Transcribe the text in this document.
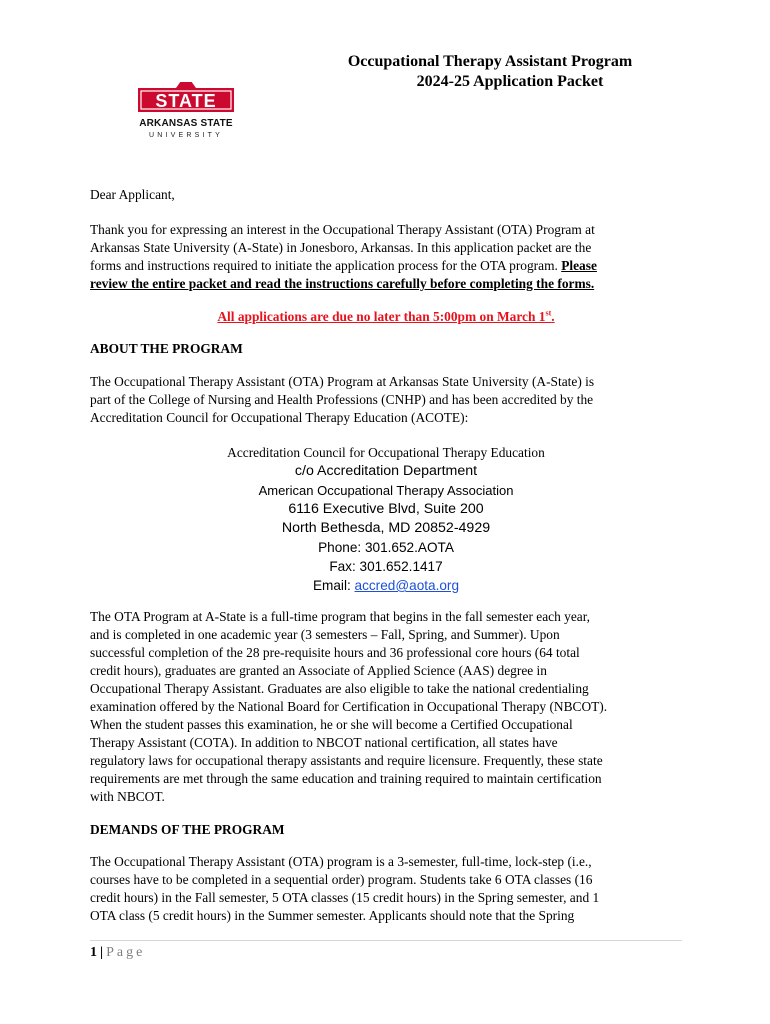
STATE
ARKANSAS STATE
UNIVERSITY
Occupational Therapy Assistant Program
2024-25 Application Packet
Dear Applicant,
Thank you for expressing an interest in the Occupational Therapy Assistant (OTA) Program at
Arkansas State University (A-State) in Jonesboro, Arkansas. In this application packet are the
forms and instructions required to initiate the application process for the OTA program. Please
review the entire packet and read the instructions carefully before completing the forms.
All applications are due no later than 5:00pm on March 1st.
ABOUT THE PROGRAM
The Occupational Therapy Assistant (OTA) Program at Arkansas State University (A-State) is
part of the College of Nursing and Health Professions (CNHP) and has been accredited by the
Accreditation Council for Occupational Therapy Education (ACOTE):
Accreditation Council for Occupational Therapy Education
c/o Accreditation Department
American Occupational Therapy Association
6116 Executive Blvd, Suite 200
North Bethesda, MD 20852-4929
Phone: 301.652.AOTA
Fax: 301.652.1417
Email: accred@aota.org
The OTA Program at A-State is a full-time program that begins in the fall semester each year,
and is completed in one academic year (3 semesters – Fall, Spring, and Summer). Upon
successful completion of the 28 pre-requisite hours and 36 professional core hours (64 total
credit hours), graduates are granted an Associate of Applied Science (AAS) degree in
Occupational Therapy Assistant. Graduates are also eligible to take the national credentialing
examination offered by the National Board for Certification in Occupational Therapy (NBCOT).
When the student passes this examination, he or she will become a Certified Occupational
Therapy Assistant (COTA). In addition to NBCOT national certification, all states have
regulatory laws for occupational therapy assistants and require licensure. Frequently, these state
requirements are met through the same education and training required to maintain certification
with NBCOT.
DEMANDS OF THE PROGRAM
The Occupational Therapy Assistant (OTA) program is a 3-semester, full-time, lock-step (i.e.,
courses have to be completed in a sequential order) program. Students take 6 OTA classes (16
credit hours) in the Fall semester, 5 OTA classes (15 credit hours) in the Spring semester, and 1
OTA class (5 credit hours) in the Summer semester. Applicants should note that the Spring
1 | Page
